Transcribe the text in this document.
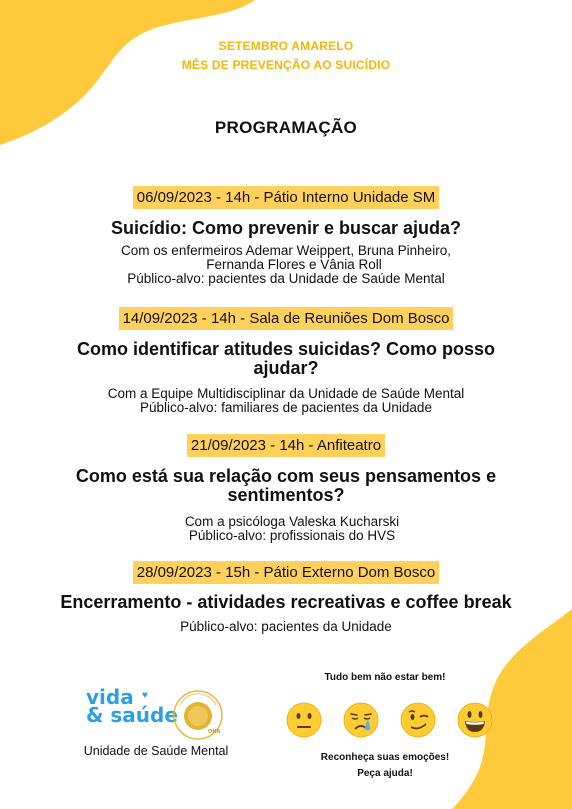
SETEMBRO AMARELO
MÊS DE PREVENÇÃO AO SUICÍDIO
PROGRAMAÇÃO
06/09/2023 - 14h - Pátio Interno Unidade SM
Suicídio: Como prevenir e buscar ajuda?
Com os enfermeiros Ademar Weippert, Bruna Pinheiro,
Fernanda Flores e Vânia Roll
Público-alvo: pacientes da Unidade de Saúde Mental
14/09/2023 - 14h - Sala de Reuniões Dom Bosco
Como identificar atitudes suicidas? Como posso ajudar?
Com a Equipe Multidisciplinar da Unidade de Saúde Mental
Público-alvo: familiares de pacientes da Unidade
21/09/2023 - 14h - Anfiteatro
Como está sua relação com seus pensamentos e sentimentos?
Com a psicóloga Valeska Kucharski
Público-alvo: profissionais do HVS
28/09/2023 - 15h - Pátio Externo Dom Bosco
Encerramento - atividades recreativas e coffee break
Público-alvo: pacientes da Unidade
vida
& saúde
♥
ONA
Unidade de Saúde Mental
Tudo bem não estar bem!
Reconheça suas emoções!
Peça ajuda!
